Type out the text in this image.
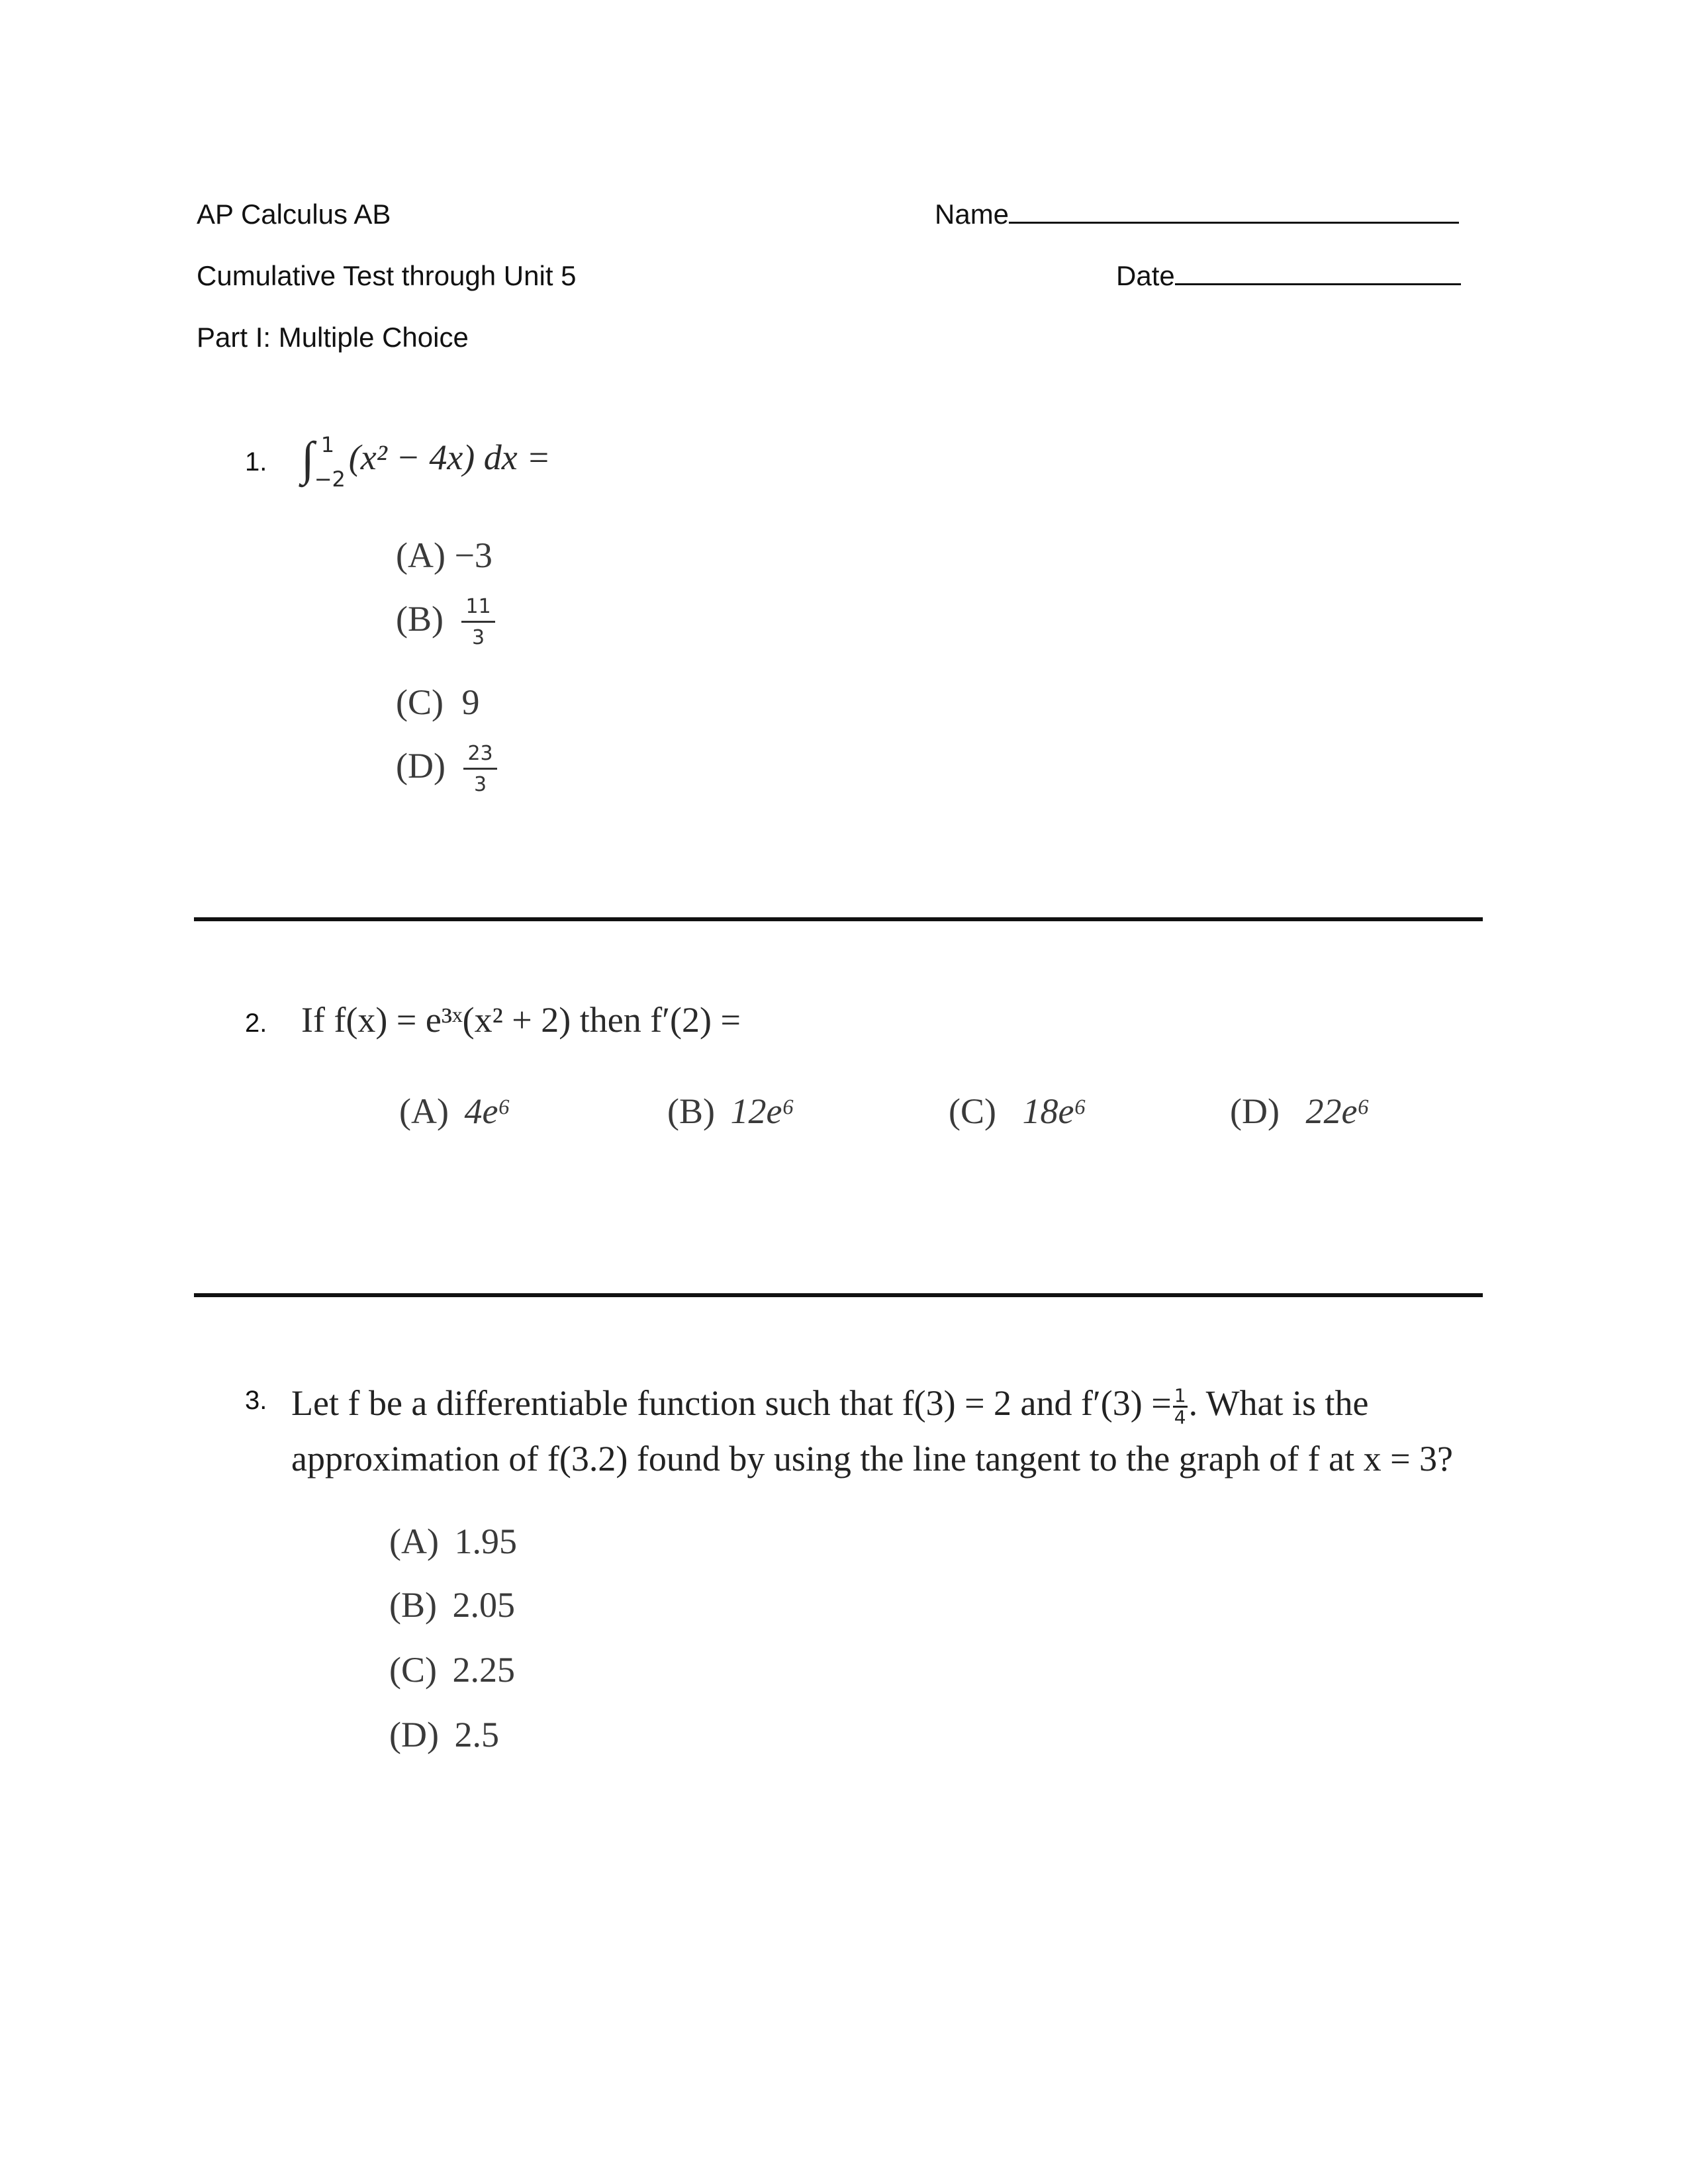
AP Calculus AB	Name
Cumulative Test through Unit 5	Date
Part I: Multiple Choice
1. ∫ 1
−2
(x² − 4x) dx =
(A) −3
$(B) \frac{11}{3}$
(C) 9
$(D) \frac{23}{3}$
2. If f(x) = e³ˣ(x² + 2) then f′(2) =
(A) 4e⁶	(B) 12e⁶	(C) 18e⁶	(D) 22e⁶
3. Let f be a differentiable function such that f(3) = 2 and $f'(3) = \frac{1}{4}$ . What is the
approximation of f(3.2) found by using the line tangent to the graph of f at x = 3?
(A) 1.95
(B) 2.05
(C) 2.25
(D) 2.5
